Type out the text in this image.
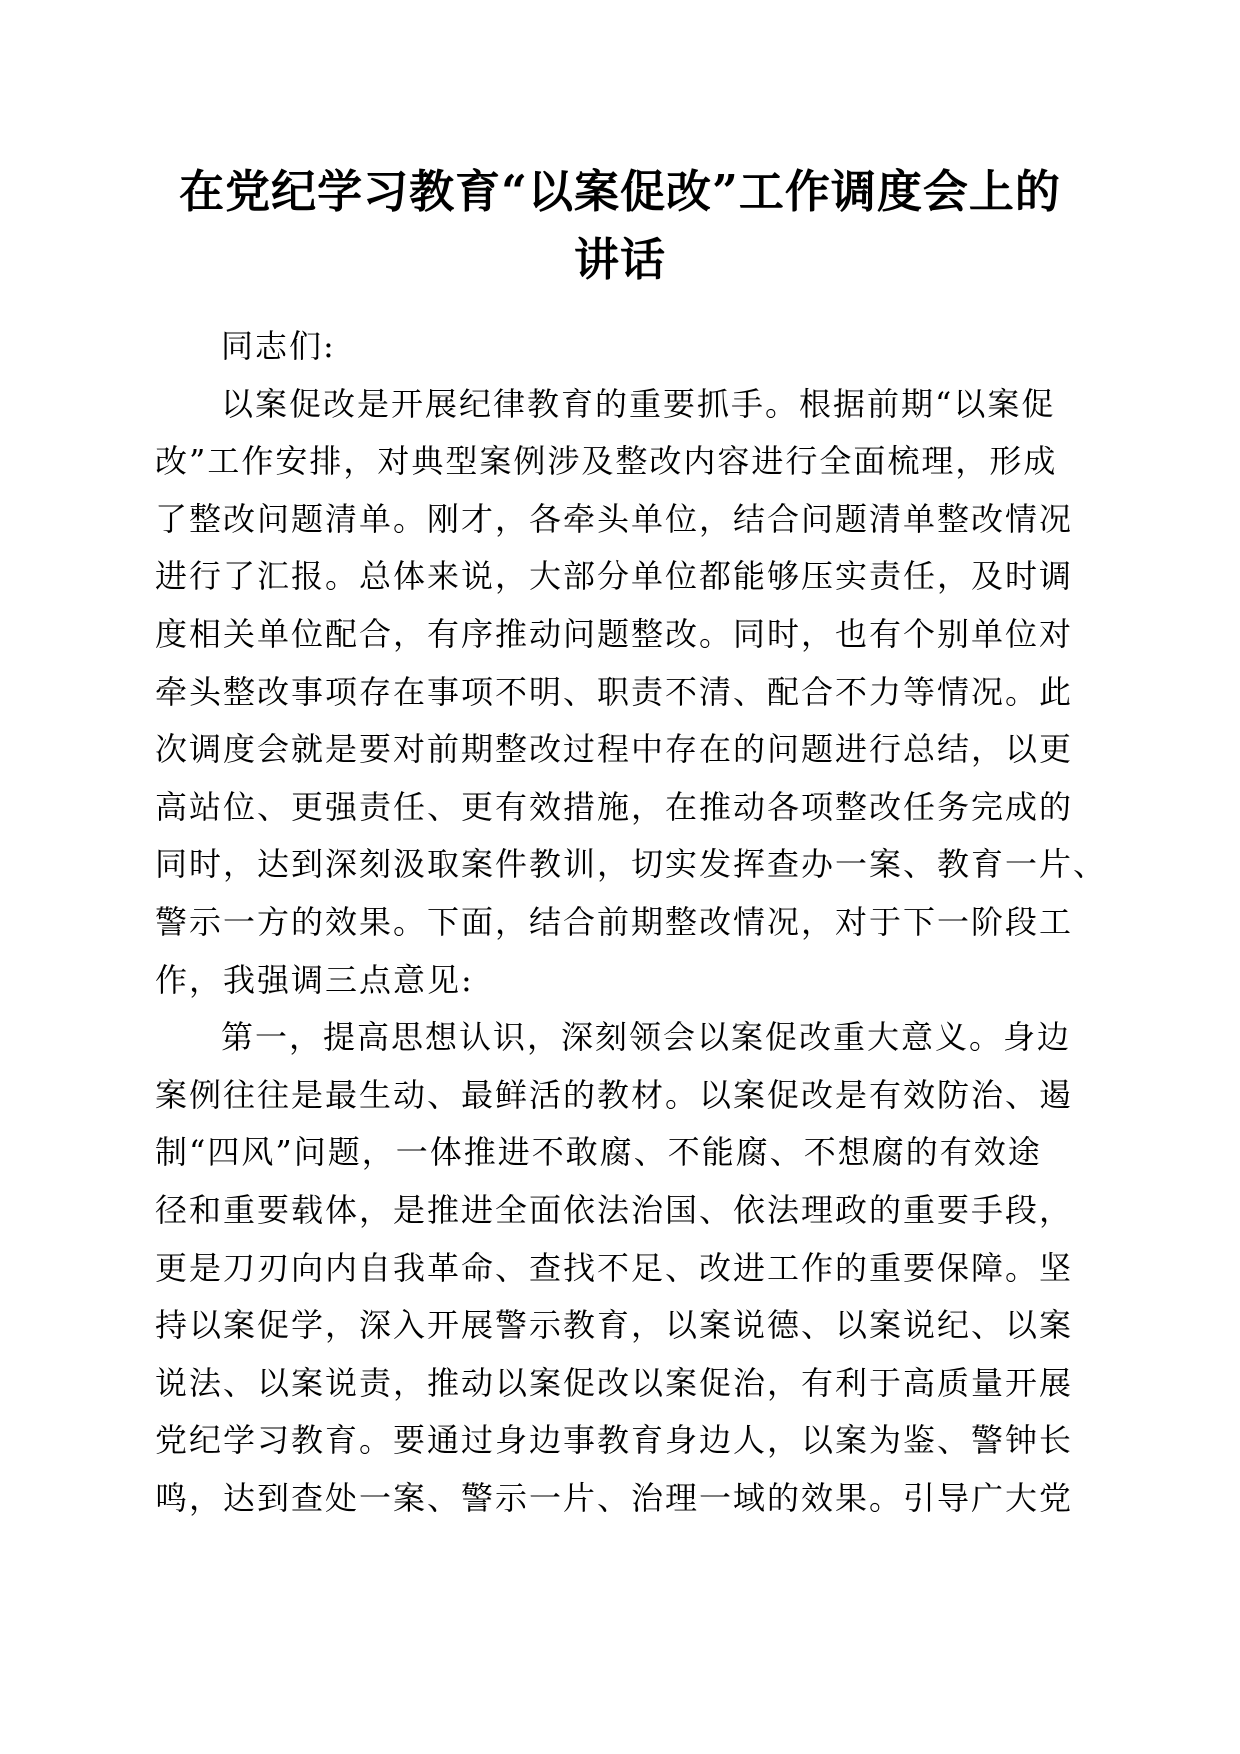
在党纪学习教育“以案促改”工作调度会上的
讲话
同志们:
以案促改是开展纪律教育的重要抓手。根据前期“以案促
改”工作安排，对典型案例涉及整改内容进行全面梳理，形成
了整改问题清单。刚才，各牵头单位，结合问题清单整改情况
进行了汇报。总体来说，大部分单位都能够压实责任，及时调
度相关单位配合，有序推动问题整改。同时，也有个别单位对
牵头整改事项存在事项不明、职责不清、配合不力等情况。此
次调度会就是要对前期整改过程中存在的问题进行总结，以更
高站位、更强责任、更有效措施，在推动各项整改任务完成的
同时，达到深刻汲取案件教训，切实发挥查办一案、教育一片、
警示一方的效果。下面，结合前期整改情况，对于下一阶段工
作，我强调三点意见:
第一，提高思想认识，深刻领会以案促改重大意义。身边
案例往往是最生动、最鲜活的教材。以案促改是有效防治、遏
制“四风”问题，一体推进不敢腐、不能腐、不想腐的有效途
径和重要载体，是推进全面依法治国、依法理政的重要手段，
更是刀刃向内自我革命、查找不足、改进工作的重要保障。坚
持以案促学，深入开展警示教育，以案说德、以案说纪、以案
说法、以案说责，推动以案促改以案促治，有利于高质量开展
党纪学习教育。要通过身边事教育身边人，以案为鉴、警钟长
鸣，达到查处一案、警示一片、治理一域的效果。引导广大党
